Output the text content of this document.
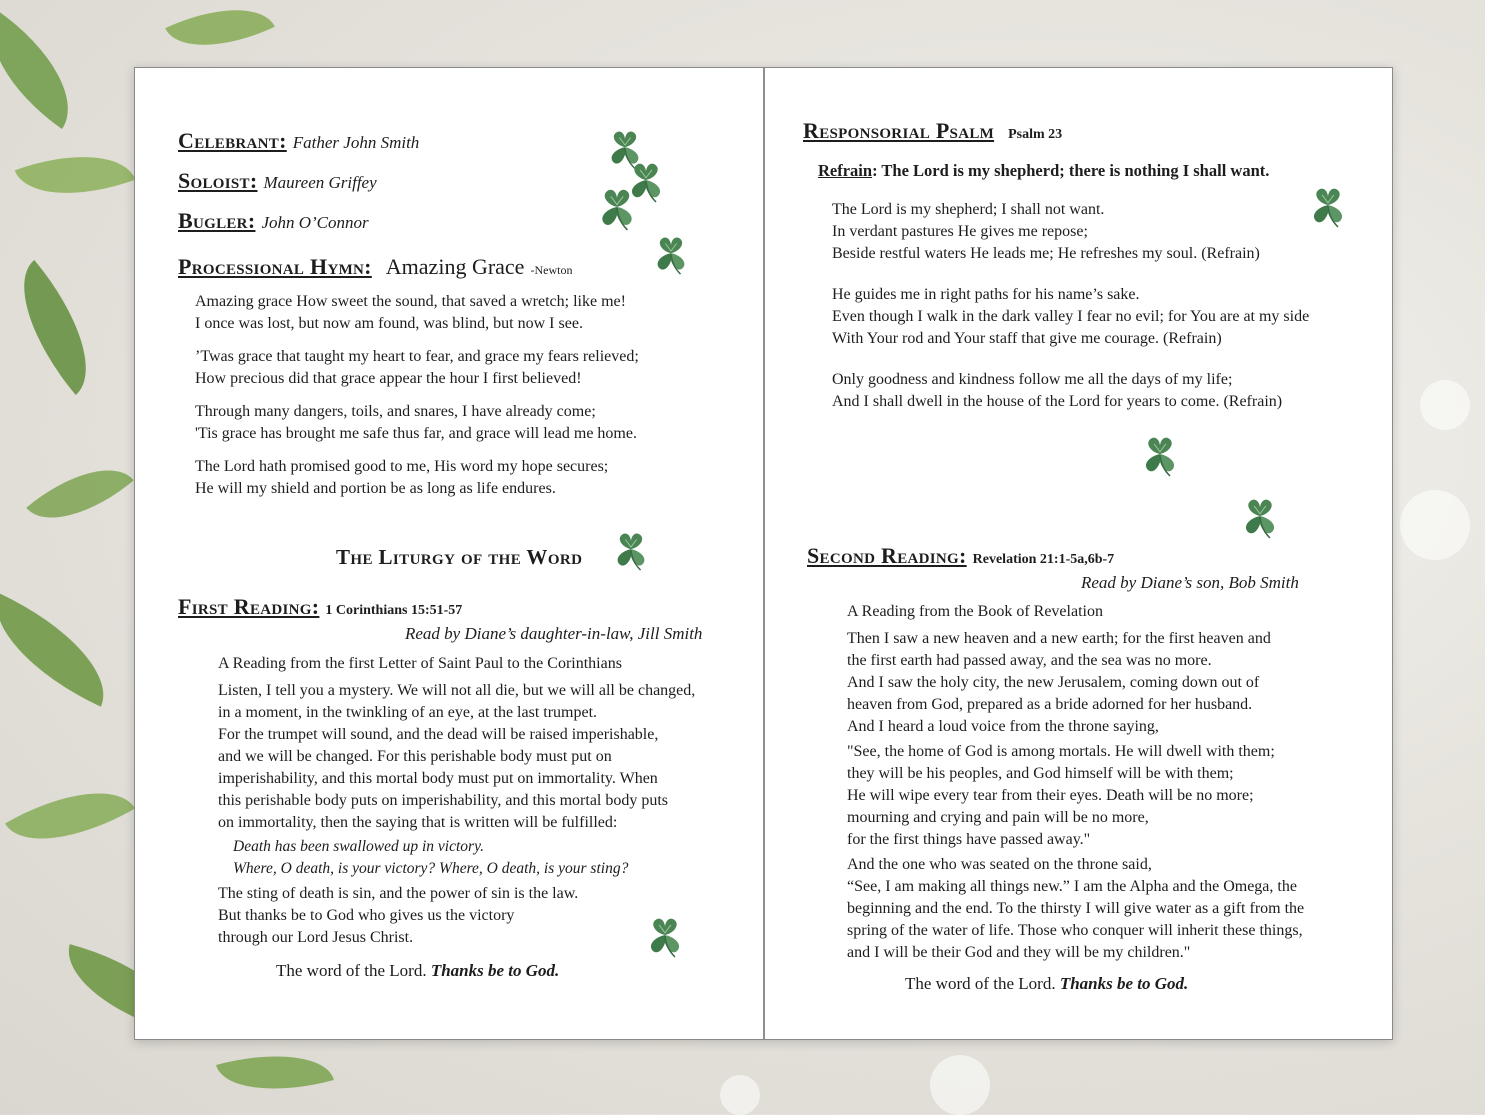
Celebrant: Father John Smith
Soloist: Maureen Griffey
Bugler: John O’Connor
Processional Hymn: Amazing Grace -Newton
Amazing grace How sweet the sound, that saved a wretch; like me!
I once was lost, but now am found, was blind, but now I see.
’Twas grace that taught my heart to fear, and grace my fears relieved;
How precious did that grace appear the hour I first believed!
Through many dangers, toils, and snares, I have already come;
'Tis grace has brought me safe thus far, and grace will lead me home.
The Lord hath promised good to me, His word my hope secures;
He will my shield and portion be as long as life endures.
The Liturgy of the Word
First Reading: 1 Corinthians 15:51-57
Read by Diane’s daughter-in-law, Jill Smith
A Reading from the first Letter of Saint Paul to the Corinthians
Listen, I tell you a mystery. We will not all die, but we will all be changed,
in a moment, in the twinkling of an eye, at the last trumpet.
For the trumpet will sound, and the dead will be raised imperishable,
and we will be changed. For this perishable body must put on
imperishability, and this mortal body must put on immortality. When
this perishable body puts on imperishability, and this mortal body puts
on immortality, then the saying that is written will be fulfilled:
Death has been swallowed up in victory.
Where, O death, is your victory? Where, O death, is your sting?
The sting of death is sin, and the power of sin is the law.
But thanks be to God who gives us the victory
through our Lord Jesus Christ.
The word of the Lord. Thanks be to God.
Responsorial Psalm Psalm 23
Refrain: The Lord is my shepherd; there is nothing I shall want.
The Lord is my shepherd; I shall not want.
In verdant pastures He gives me repose;
Beside restful waters He leads me; He refreshes my soul. (Refrain)
He guides me in right paths for his name’s sake.
Even though I walk in the dark valley I fear no evil; for You are at my side
With Your rod and Your staff that give me courage. (Refrain)
Only goodness and kindness follow me all the days of my life;
And I shall dwell in the house of the Lord for years to come. (Refrain)
Second Reading: Revelation 21:1-5a,6b-7
Read by Diane’s son, Bob Smith
A Reading from the Book of Revelation
Then I saw a new heaven and a new earth; for the first heaven and
the first earth had passed away, and the sea was no more.
And I saw the holy city, the new Jerusalem, coming down out of
heaven from God, prepared as a bride adorned for her husband.
And I heard a loud voice from the throne saying,
"See, the home of God is among mortals. He will dwell with them;
they will be his peoples, and God himself will be with them;
He will wipe every tear from their eyes. Death will be no more;
mourning and crying and pain will be no more,
for the first things have passed away."
And the one who was seated on the throne said,
“See, I am making all things new.” I am the Alpha and the Omega, the
beginning and the end. To the thirsty I will give water as a gift from the
spring of the water of life. Those who conquer will inherit these things,
and I will be their God and they will be my children."
The word of the Lord. Thanks be to God.
